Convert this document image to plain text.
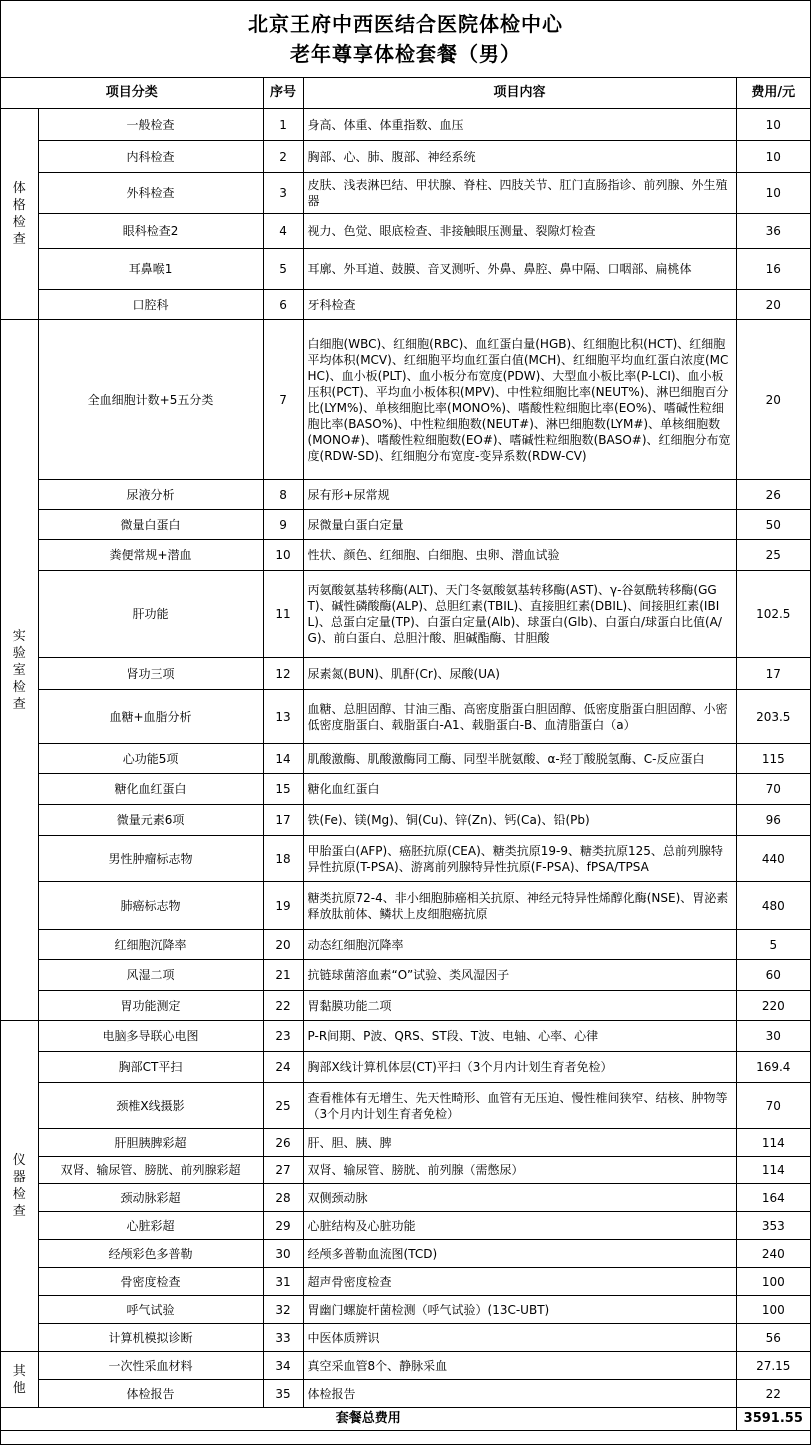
北京王府中西医结合医院体检中心
老年尊享体检套餐（男）
项目分类		序号	项目内容	费用/元

体格检查	一般检查	1	身高、体重、体重指数、血压	10
	内科检查	2	胸部、心、肺、腹部、神经系统	10
	外科检查	3	皮肤、浅表淋巴结、甲状腺、脊柱、四肢关节、肛门直肠指诊、前列腺、外生殖器	10
	眼科检查2	4	视力、色觉、眼底检查、非接触眼压测量、裂隙灯检查	36
	耳鼻喉1	5	耳廓、外耳道、鼓膜、音叉测听、外鼻、鼻腔、鼻中隔、口咽部、扁桃体	16
	口腔科	6	牙科检查	20

实验室检查	全血细胞计数+5五分类	7	白细胞(WBC)、红细胞(RBC)、血红蛋白量(HGB)、红细胞比积(HCT)、红细胞平均体积(MCV)、红细胞平均血红蛋白值(MCH)、红细胞平均血红蛋白浓度(MCHC)、血小板(PLT)、血小板分布宽度(PDW)、大型血小板比率(P-LCI)、血小板压积(PCT)、平均血小板体积(MPV)、中性粒细胞比率(NEUT%)、淋巴细胞百分比(LYM%)、单核细胞比率(MONO%)、嗜酸性粒细胞比率(EO%)、嗜碱性粒细胞比率(BASO%)、中性粒细胞数(NEUT#)、淋巴细胞数(LYM#)、单核细胞数(MONO#)、嗜酸性粒细胞数(EO#)、嗜碱性粒细胞数(BASO#)、红细胞分布宽度(RDW-SD)、红细胞分布宽度-变异系数(RDW-CV)	20
	尿液分析	8	尿有形+尿常规	26
	微量白蛋白	9	尿微量白蛋白定量	50
	粪便常规+潜血	10	性状、颜色、红细胞、白细胞、虫卵、潜血试验	25
	肝功能	11	丙氨酸氨基转移酶(ALT)、天门冬氨酸氨基转移酶(AST)、γ-谷氨酰转移酶(GGT)、碱性磷酸酶(ALP)、总胆红素(TBIL)、直接胆红素(DBIL)、间接胆红素(IBIL)、总蛋白定量(TP)、白蛋白定量(Alb)、球蛋白(Glb)、白蛋白/球蛋白比值(A/G)、前白蛋白、总胆汁酸、胆碱酯酶、甘胆酸	102.5
	肾功三项	12	尿素氮(BUN)、肌酐(Cr)、尿酸(UA)	17
	血糖+血脂分析	13	血糖、总胆固醇、甘油三酯、高密度脂蛋白胆固醇、低密度脂蛋白胆固醇、小密低密度脂蛋白、载脂蛋白-A1、载脂蛋白-B、血清脂蛋白（a）	203.5
	心功能5项	14	肌酸激酶、肌酸激酶同工酶、同型半胱氨酸、α-羟丁酸脱氢酶、C-反应蛋白	115
	糖化血红蛋白	15	糖化血红蛋白	70
	微量元素6项	17	铁(Fe)、镁(Mg)、铜(Cu)、锌(Zn)、钙(Ca)、铅(Pb)	96
	男性肿瘤标志物	18	甲胎蛋白(AFP)、癌胚抗原(CEA)、糖类抗原19-9、糖类抗原125、总前列腺特异性抗原(T-PSA)、游离前列腺特异性抗原(F-PSA)、fPSA/TPSA	440
	肺癌标志物	19	糖类抗原72-4、非小细胞肺癌相关抗原、神经元特异性烯醇化酶(NSE)、胃泌素释放肽前体、鳞状上皮细胞癌抗原	480
	红细胞沉降率	20	动态红细胞沉降率	5
	风湿二项	21	抗链球菌溶血素“O”试验、类风湿因子	60
	胃功能测定	22	胃黏膜功能二项	220

仪器检查	电脑多导联心电图	23	P-R间期、P波、QRS、ST段、T波、电轴、心率、心律	30
	胸部CT平扫	24	胸部X线计算机体层(CT)平扫（3个月内计划生育者免检）	169.4
	颈椎X线摄影	25	查看椎体有无增生、先天性畸形、血管有无压迫、慢性椎间狭窄、结核、肿物等（3个月内计划生育者免检）	70
	肝胆胰脾彩超	26	肝、胆、胰、脾	114
	双肾、输尿管、膀胱、前列腺彩超	27	双肾、输尿管、膀胱、前列腺（需憋尿）	114
	颈动脉彩超	28	双侧颈动脉	164
	心脏彩超	29	心脏结构及心脏功能	353
	经颅彩色多普勒	30	经颅多普勒血流图(TCD)	240
	骨密度检查	31	超声骨密度检查	100
	呼气试验	32	胃幽门螺旋杆菌检测（呼气试验）(13C-UBT)	100
	计算机模拟诊断	33	中医体质辨识	56

其他	一次性采血材料	34	真空采血管8个、静脉采血	27.15
	体检报告	35	体检报告	22
套餐总费用				3591.55
